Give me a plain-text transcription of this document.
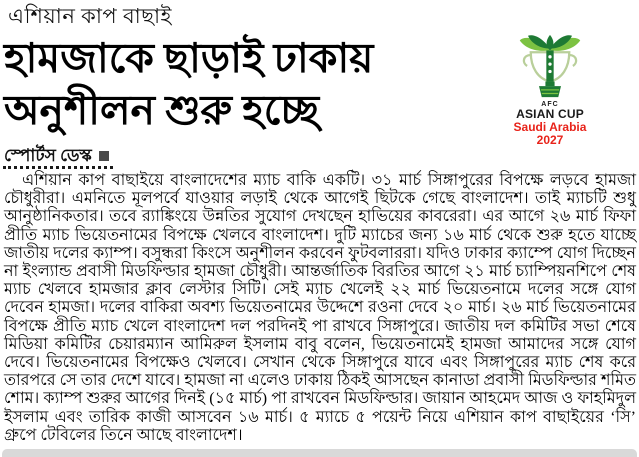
এশিয়ান কাপ বাছাই
হামজাকে ছাড়াই ঢাকায়
অনুশীলন শুরু হচ্ছে	AFC
ASIAN CUP
Saudi Arabia
2027
স্পোর্টস ডেস্ক

এশিয়ান কাপ বাছাইয়ে বাংলাদেশের ম্যাচ বাকি একটি। ৩১ মার্চ সিঙ্গাপুরের বিপক্ষে লড়বে হামজা চৌধুরীরা। এমনিতে মূলপর্বে যাওয়ার লড়াই থেকে আগেই ছিটকে গেছে বাংলাদেশ। তাই ম্যাচটি শুধু আনুষ্ঠানিকতার। তবে র‍্যাঙ্কিংয়ে উন্নতির সুযোগ দেখছেন হাভিয়ের কাবরেরা। এর আগে ২৬ মার্চ ফিফা প্রীতি ম্যাচ ভিয়েতনামের বিপক্ষে খেলবে বাংলাদেশ। দুটি ম্যাচের জন্য ১৬ মার্চ থেকে শুরু হতে যাচ্ছে জাতীয় দলের ক্যাম্প। বসুন্ধরা কিংসে অনুশীলন করবেন ফুটবলাররা। যদিও ঢাকার ক্যাম্পে যোগ দিচ্ছেন না ইংল্যান্ড প্রবাসী মিডফিল্ডার হামজা চৌধুরী। আন্তর্জাতিক বিরতির আগে ২১ মার্চ চ্যাম্পিয়নশিপে শেষ ম্যাচ খেলবে হামজার ক্লাব লেস্টার সিটি। সেই ম্যাচ খেলেই ২২ মার্চ ভিয়েতনামে দলের সঙ্গে যোগ দেবেন হামজা। দলের বাকিরা অবশ্য ভিয়েতনামের উদ্দেশে রওনা দেবে ২০ মার্চ। ২৬ মার্চ ভিয়েতনামের বিপক্ষে প্রীতি ম্যাচ খেলে বাংলাদেশ দল পরদিনই পা রাখবে সিঙ্গাপুরে। জাতীয় দল কমিটির সভা শেষে মিডিয়া কমিটির চেয়ারম্যান আমিরুল ইসলাম বাবু বলেন, ভিয়েতনামেই হামজা আমাদের সঙ্গে যোগ দেবে। ভিয়েতনামের বিপক্ষেও খেলবে। সেখান থেকে সিঙ্গাপুরে যাবে এবং সিঙ্গাপুরের ম্যাচ শেষ করে তারপরে সে তার দেশে যাবে। হামজা না এলেও ঢাকায় ঠিকই আসছেন কানাডা প্রবাসী মিডফিল্ডার শমিত শোম। ক্যাম্প শুরুর আগের দিনই (১৫ মার্চ) পা রাখবেন মিডফিল্ডার। জায়ান আহমেদ আজ ও ফাহমিদুল ইসলাম এবং তারিক কাজী আসবেন ১৬ মার্চ। ৫ ম্যাচে ৫ পয়েন্ট নিয়ে এশিয়ান কাপ বাছাইয়ের ‘সি’ গ্রুপে টেবিলের তিনে আছে বাংলাদেশ।
